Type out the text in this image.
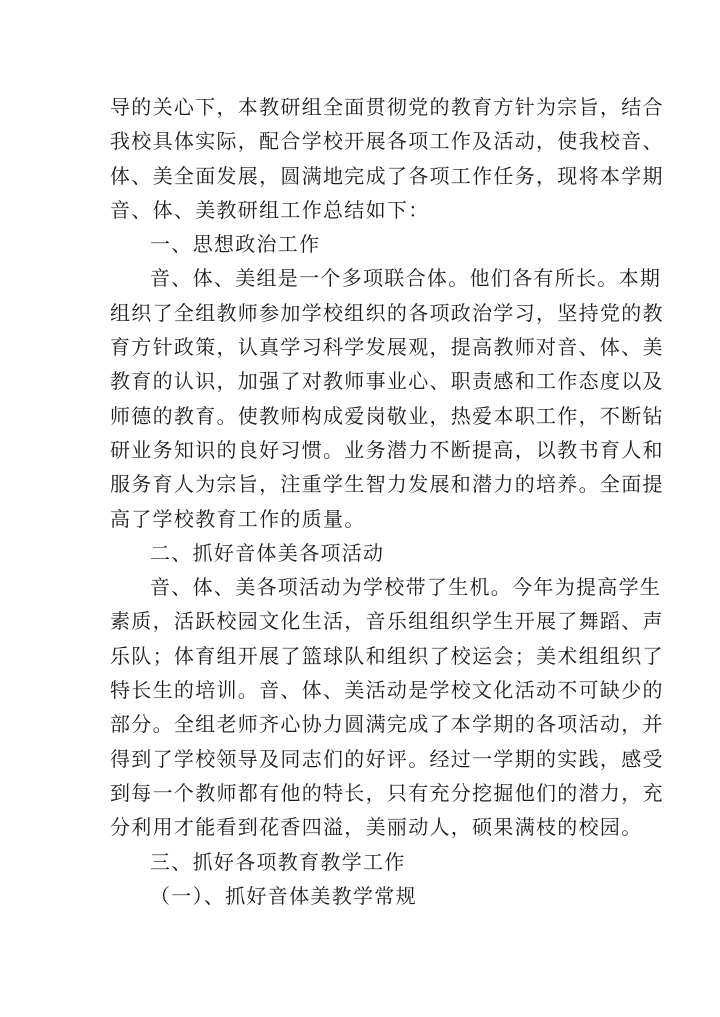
导的关心下，本教研组全面贯彻党的教育方针为宗旨，结合
我校具体实际，配合学校开展各项工作及活动，使我校音、
体、美全面发展，圆满地完成了各项工作任务，现将本学期
音、体、美教研组工作总结如下：
一、思想政治工作
音、体、美组是一个多项联合体。他们各有所长。本期
组织了全组教师参加学校组织的各项政治学习，坚持党的教
育方针政策，认真学习科学发展观，提高教师对音、体、美
教育的认识，加强了对教师事业心、职责感和工作态度以及
师德的教育。使教师构成爱岗敬业，热爱本职工作，不断钻
研业务知识的良好习惯。业务潜力不断提高，以教书育人和
服务育人为宗旨，注重学生智力发展和潜力的培养。全面提
高了学校教育工作的质量。
二、抓好音体美各项活动
音、体、美各项活动为学校带了生机。今年为提高学生
素质，活跃校园文化生活，音乐组组织学生开展了舞蹈、声
乐队；体育组开展了篮球队和组织了校运会；美术组组织了
特长生的培训。音、体、美活动是学校文化活动不可缺少的
部分。全组老师齐心协力圆满完成了本学期的各项活动，并
得到了学校领导及同志们的好评。经过一学期的实践，感受
到每一个教师都有他的特长，只有充分挖掘他们的潜力，充
分利用才能看到花香四溢，美丽动人，硕果满枝的校园。
三、抓好各项教育教学工作
（一）、抓好音体美教学常规
